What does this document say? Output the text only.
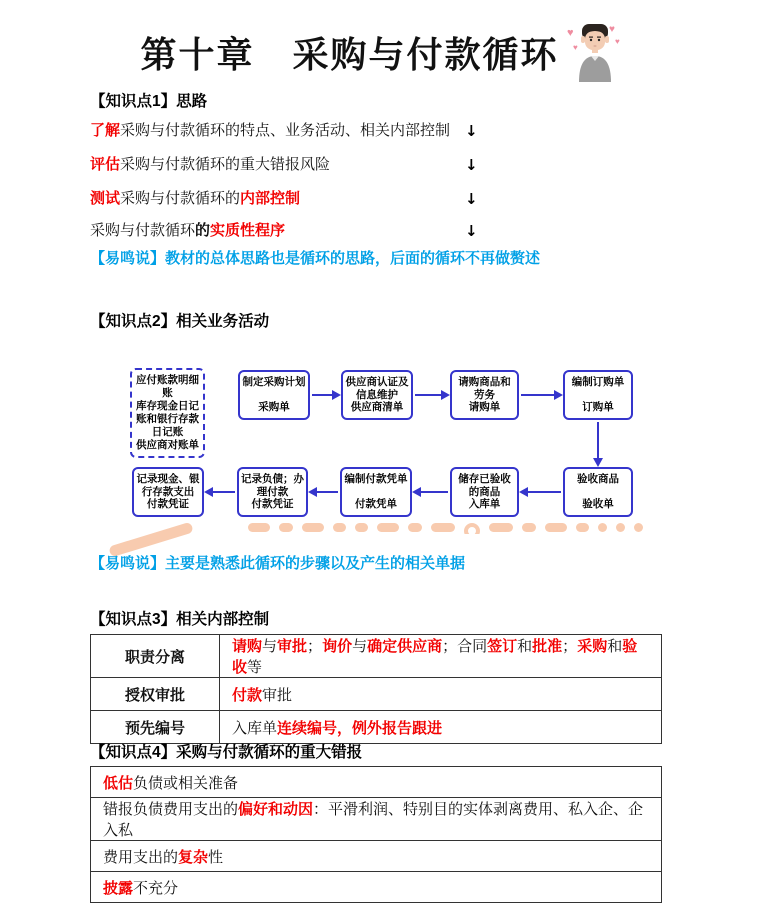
第十章　采购与付款循环
♥
♥
♥
♥
【知识点1】思路
了解采购与付款循环的特点、业务活动、相关内部控制 ↓
评估采购与付款循环的重大错报风险	↓
测试采购与付款循环的内部控制	↓
采购与付款循环的实质性程序	↓
【易鸣说】教材的总体思路也是循环的思路，后面的循环不再做赘述
【知识点2】相关业务活动
应付账款明细账
库存现金日记账和银行存款日记账
供应商对账单
制定采购计划
采购单
供应商认证及信息维护
供应商清单
请购商品和劳务
请购单
编制订购单
订购单
记录现金、银行存款支出
付款凭证
记录负债；办理付款
付款凭证
编制付款凭单
付款凭单
储存已验收的商品
入库单
验收商品
验收单
【易鸣说】主要是熟悉此循环的步骤以及产生的相关单据
【知识点3】相关内部控制
职责分离	请购与审批；询价与确定供应商；合同签订和批准；采购和验收等
授权审批	付款审批
预先编号	入库单连续编号，例外报告跟进
【知识点4】采购与付款循环的重大错报
低估负债或相关准备
错报负债费用支出的偏好和动因：平滑利润、特别目的实体剥离费用、私入企、企入私
费用支出的复杂性
披露不充分
